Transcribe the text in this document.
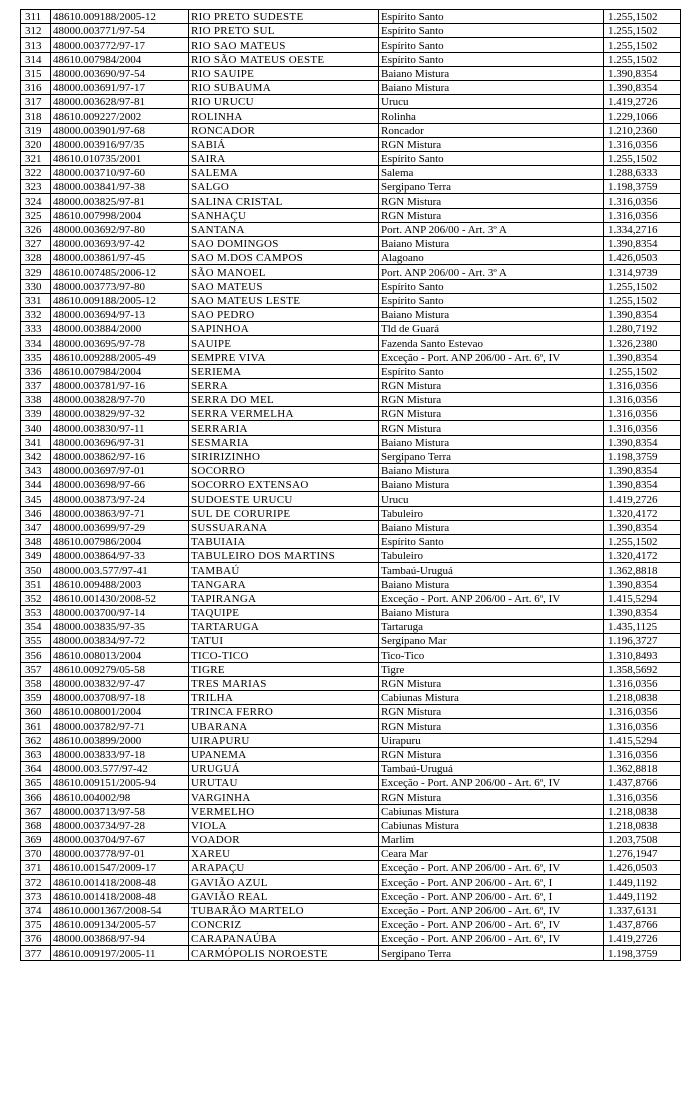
311	48610.009188/2005-12	RIO PRETO SUDESTE	Espírito Santo	1.255,1502
312	48000.003771/97-54	RIO PRETO SUL	Espírito Santo	1.255,1502
313	48000.003772/97-17	RIO SAO MATEUS	Espírito Santo	1.255,1502
314	48610.007984/2004	RIO SÃO MATEUS OESTE	Espírito Santo	1.255,1502
315	48000.003690/97-54	RIO SAUIPE	Baiano Mistura	1.390,8354
316	48000.003691/97-17	RIO SUBAUMA	Baiano Mistura	1.390,8354
317	48000.003628/97-81	RIO URUCU	Urucu	1.419,2726
318	48610.009227/2002	ROLINHA	Rolinha	1.229,1066
319	48000.003901/97-68	RONCADOR	Roncador	1.210,2360
320	48000.003916/97/35	SABIÁ	RGN Mistura	1.316,0356
321	48610.010735/2001	SAIRA	Espírito Santo	1.255,1502
322	48000.003710/97-60	SALEMA	Salema	1.288,6333
323	48000.003841/97-38	SALGO	Sergipano Terra	1.198,3759
324	48000.003825/97-81	SALINA CRISTAL	RGN Mistura	1.316,0356
325	48610.007998/2004	SANHAÇU	RGN Mistura	1.316,0356
326	48000.003692/97-80	SANTANA	Port. ANP 206/00 - Art. 3º A	1.334,2716
327	48000.003693/97-42	SAO DOMINGOS	Baiano Mistura	1.390,8354
328	48000.003861/97-45	SAO M.DOS CAMPOS	Alagoano	1.426,0503
329	48610.007485/2006-12	SÃO MANOEL	Port. ANP 206/00 - Art. 3º A	1.314,9739
330	48000.003773/97-80	SAO MATEUS	Espírito Santo	1.255,1502
331	48610.009188/2005-12	SAO MATEUS LESTE	Espírito Santo	1.255,1502
332	48000.003694/97-13	SAO PEDRO	Baiano Mistura	1.390,8354
333	48000.003884/2000	SAPINHOA	Tld de Guará	1.280,7192
334	48000.003695/97-78	SAUIPE	Fazenda Santo Estevao	1.326,2380
335	48610.009288/2005-49	SEMPRE VIVA	Exceção - Port. ANP 206/00 - Art. 6º, IV	1.390,8354
336	48610.007984/2004	SERIEMA	Espírito Santo	1.255,1502
337	48000.003781/97-16	SERRA	RGN Mistura	1.316,0356
338	48000.003828/97-70	SERRA DO MEL	RGN Mistura	1.316,0356
339	48000.003829/97-32	SERRA VERMELHA	RGN Mistura	1.316,0356
340	48000.003830/97-11	SERRARIA	RGN Mistura	1.316,0356
341	48000.003696/97-31	SESMARIA	Baiano Mistura	1.390,8354
342	48000.003862/97-16	SIRIRIZINHO	Sergipano Terra	1.198,3759
343	48000.003697/97-01	SOCORRO	Baiano Mistura	1.390,8354
344	48000.003698/97-66	SOCORRO EXTENSAO	Baiano Mistura	1.390,8354
345	48000.003873/97-24	SUDOESTE URUCU	Urucu	1.419,2726
346	48000.003863/97-71	SUL DE CORURIPE	Tabuleiro	1.320,4172
347	48000.003699/97-29	SUSSUARANA	Baiano Mistura	1.390,8354
348	48610.007986/2004	TABUIAIA	Espírito Santo	1.255,1502
349	48000.003864/97-33	TABULEIRO DOS MARTINS	Tabuleiro	1.320,4172
350	48000.003.577/97-41	TAMBAÚ	Tambaú-Uruguá	1.362,8818
351	48610.009488/2003	TANGARA	Baiano Mistura	1.390,8354
352	48610.001430/2008-52	TAPIRANGA	Exceção - Port. ANP 206/00 - Art. 6º, IV	1.415,5294
353	48000.003700/97-14	TAQUIPE	Baiano Mistura	1.390,8354
354	48000.003835/97-35	TARTARUGA	Tartaruga	1.435,1125
355	48000.003834/97-72	TATUI	Sergipano Mar	1.196,3727
356	48610.008013/2004	TICO-TICO	Tico-Tico	1.310,8493
357	48610.009279/05-58	TIGRE	Tigre	1.358,5692
358	48000.003832/97-47	TRES MARIAS	RGN Mistura	1.316,0356
359	48000.003708/97-18	TRILHA	Cabiunas Mistura	1.218,0838
360	48610.008001/2004	TRINCA FERRO	RGN Mistura	1.316,0356
361	48000.003782/97-71	UBARANA	RGN Mistura	1.316,0356
362	48610.003899/2000	UIRAPURU	Uirapuru	1.415,5294
363	48000.003833/97-18	UPANEMA	RGN Mistura	1.316,0356
364	48000.003.577/97-42	URUGUÁ	Tambaú-Uruguá	1.362,8818
365	48610.009151/2005-94	URUTAU	Exceção - Port. ANP 206/00 - Art. 6º, IV	1.437,8766
366	48610.004002/98	VARGINHA	RGN Mistura	1.316,0356
367	48000.003713/97-58	VERMELHO	Cabiunas Mistura	1.218,0838
368	48000.003734/97-28	VIOLA	Cabiunas Mistura	1.218,0838
369	48000.003704/97-67	VOADOR	Marlim	1.203,7508
370	48000.003778/97-01	XAREU	Ceara Mar	1.276,1947
371	48610.001547/2009-17	ARAPAÇU	Exceção - Port. ANP 206/00 - Art. 6º, IV	1.426,0503
372	48610.001418/2008-48	GAVIÃO AZUL	Exceção - Port. ANP 206/00 - Art. 6º, I	1.449,1192
373	48610.001418/2008-48	GAVIÃO REAL	Exceção - Port. ANP 206/00 - Art. 6º, I	1.449,1192
374	48610.0001367/2008-54	TUBARÃO MARTELO	Exceção - Port. ANP 206/00 - Art. 6º, IV	1.337,6131
375	48610.009134/2005-57	CONCRIZ	Exceção - Port. ANP 206/00 - Art. 6º, IV	1.437,8766
376	48000.003868/97-94	CARAPANAÚBA	Exceção - Port. ANP 206/00 - Art. 6º, IV	1.419,2726
377	48610.009197/2005-11	CARMÓPOLIS NOROESTE	Sergipano Terra	1.198,3759
